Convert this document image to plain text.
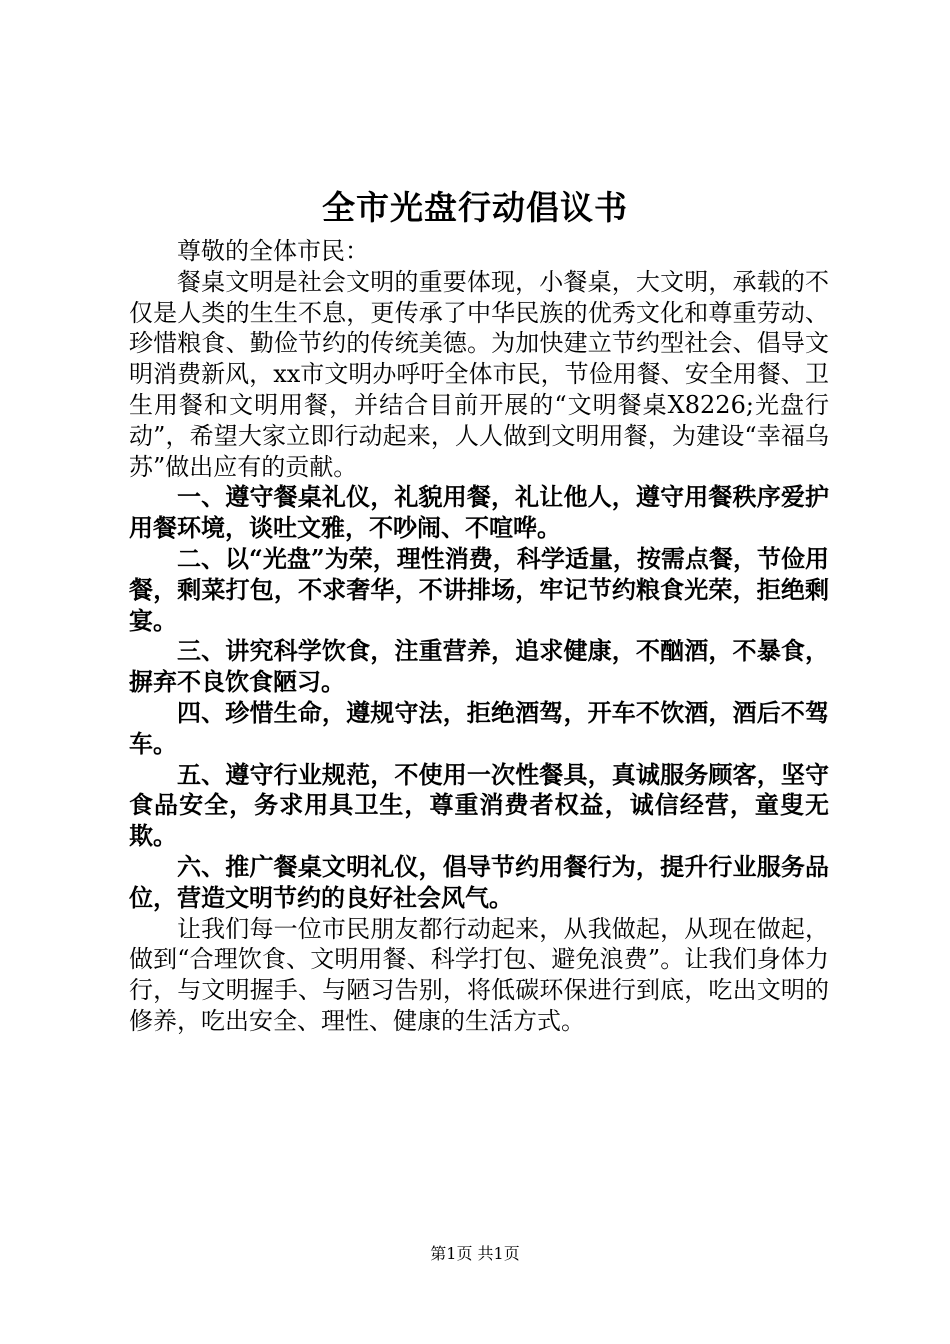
全市光盘行动倡议书

尊敬的全体市民：

餐桌文明是社会文明的重要体现，小餐桌，大文明，承载的不仅是人类的生生不息，更传承了中华民族的优秀文化和尊重劳动、珍惜粮食、勤俭节约的传统美德。为加快建立节约型社会、倡导文明消费新风，xx市文明办呼吁全体市民，节俭用餐、安全用餐、卫生用餐和文明用餐，并结合目前开展的“文明餐桌X8226;光盘行动”，希望大家立即行动起来，人人做到文明用餐，为建设“幸福乌苏”做出应有的贡献。

一、遵守餐桌礼仪，礼貌用餐，礼让他人，遵守用餐秩序爱护用餐环境，谈吐文雅，不吵闹、不喧哗。

二、以“光盘”为荣，理性消费，科学适量，按需点餐，节俭用餐，剩菜打包，不求奢华，不讲排场，牢记节约粮食光荣，拒绝剩宴。

三、讲究科学饮食，注重营养，追求健康，不酗酒，不暴食，摒弃不良饮食陋习。

四、珍惜生命，遵规守法，拒绝酒驾，开车不饮酒，酒后不驾车。

五、遵守行业规范，不使用一次性餐具，真诚服务顾客，坚守食品安全，务求用具卫生，尊重消费者权益，诚信经营，童叟无欺。

六、推广餐桌文明礼仪，倡导节约用餐行为，提升行业服务品位，营造文明节约的良好社会风气。

让我们每一位市民朋友都行动起来，从我做起，从现在做起，做到“合理饮食、文明用餐、科学打包、避免浪费”。让我们身体力行，与文明握手、与陋习告别，将低碳环保进行到底，吃出文明的修养，吃出安全、理性、健康的生活方式。

第1页 共1页
